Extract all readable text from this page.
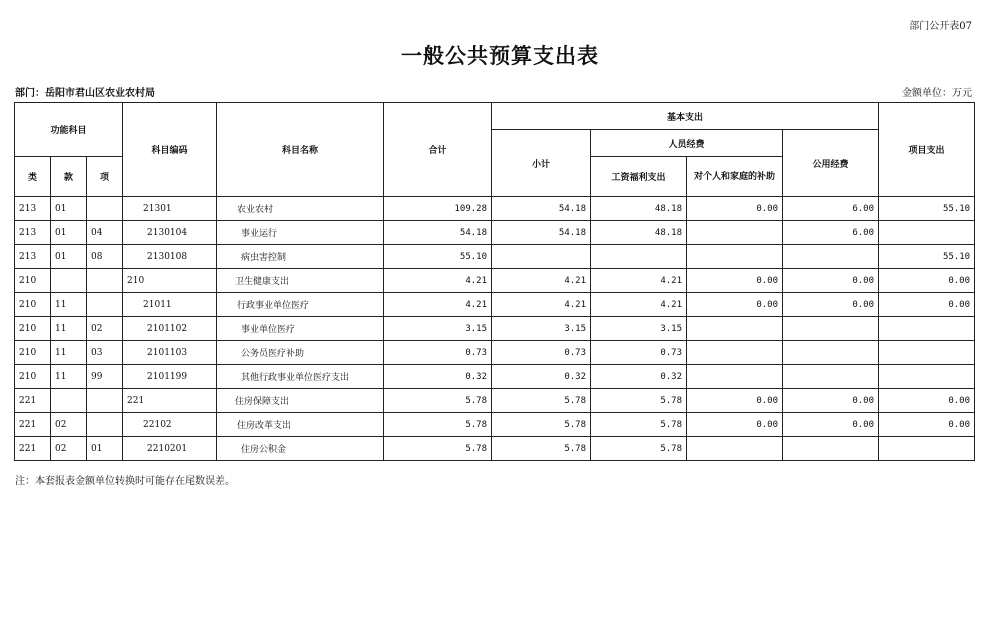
部门公开表07
一般公共预算支出表
部门：岳阳市君山区农业农村局	金额单位：万元
功能科目			科目编码	科目名称	合计	基本支出				项目支出
						小计	人员经费		公用经费	
类	款	项					工资福利支出	对个人和家庭的补助		

213	01		21301	农业农村	109.28	54.18	48.18	0.00	6.00	55.10
213	01	04	2130104	事业运行	54.18	54.18	48.18		6.00	
213	01	08	2130108	病虫害控制	55.10					55.10
210			210	卫生健康支出	4.21	4.21	4.21	0.00	0.00	0.00
210	11		21011	行政事业单位医疗	4.21	4.21	4.21	0.00	0.00	0.00
210	11	02	2101102	事业单位医疗	3.15	3.15	3.15			
210	11	03	2101103	公务员医疗补助	0.73	0.73	0.73			
210	11	99	2101199	其他行政事业单位医疗支出	0.32	0.32	0.32			
221			221	住房保障支出	5.78	5.78	5.78	0.00	0.00	0.00
221	02		22102	住房改革支出	5.78	5.78	5.78	0.00	0.00	0.00
221	02	01	2210201	住房公积金	5.78	5.78	5.78			
注：本套报表金额单位转换时可能存在尾数误差。
